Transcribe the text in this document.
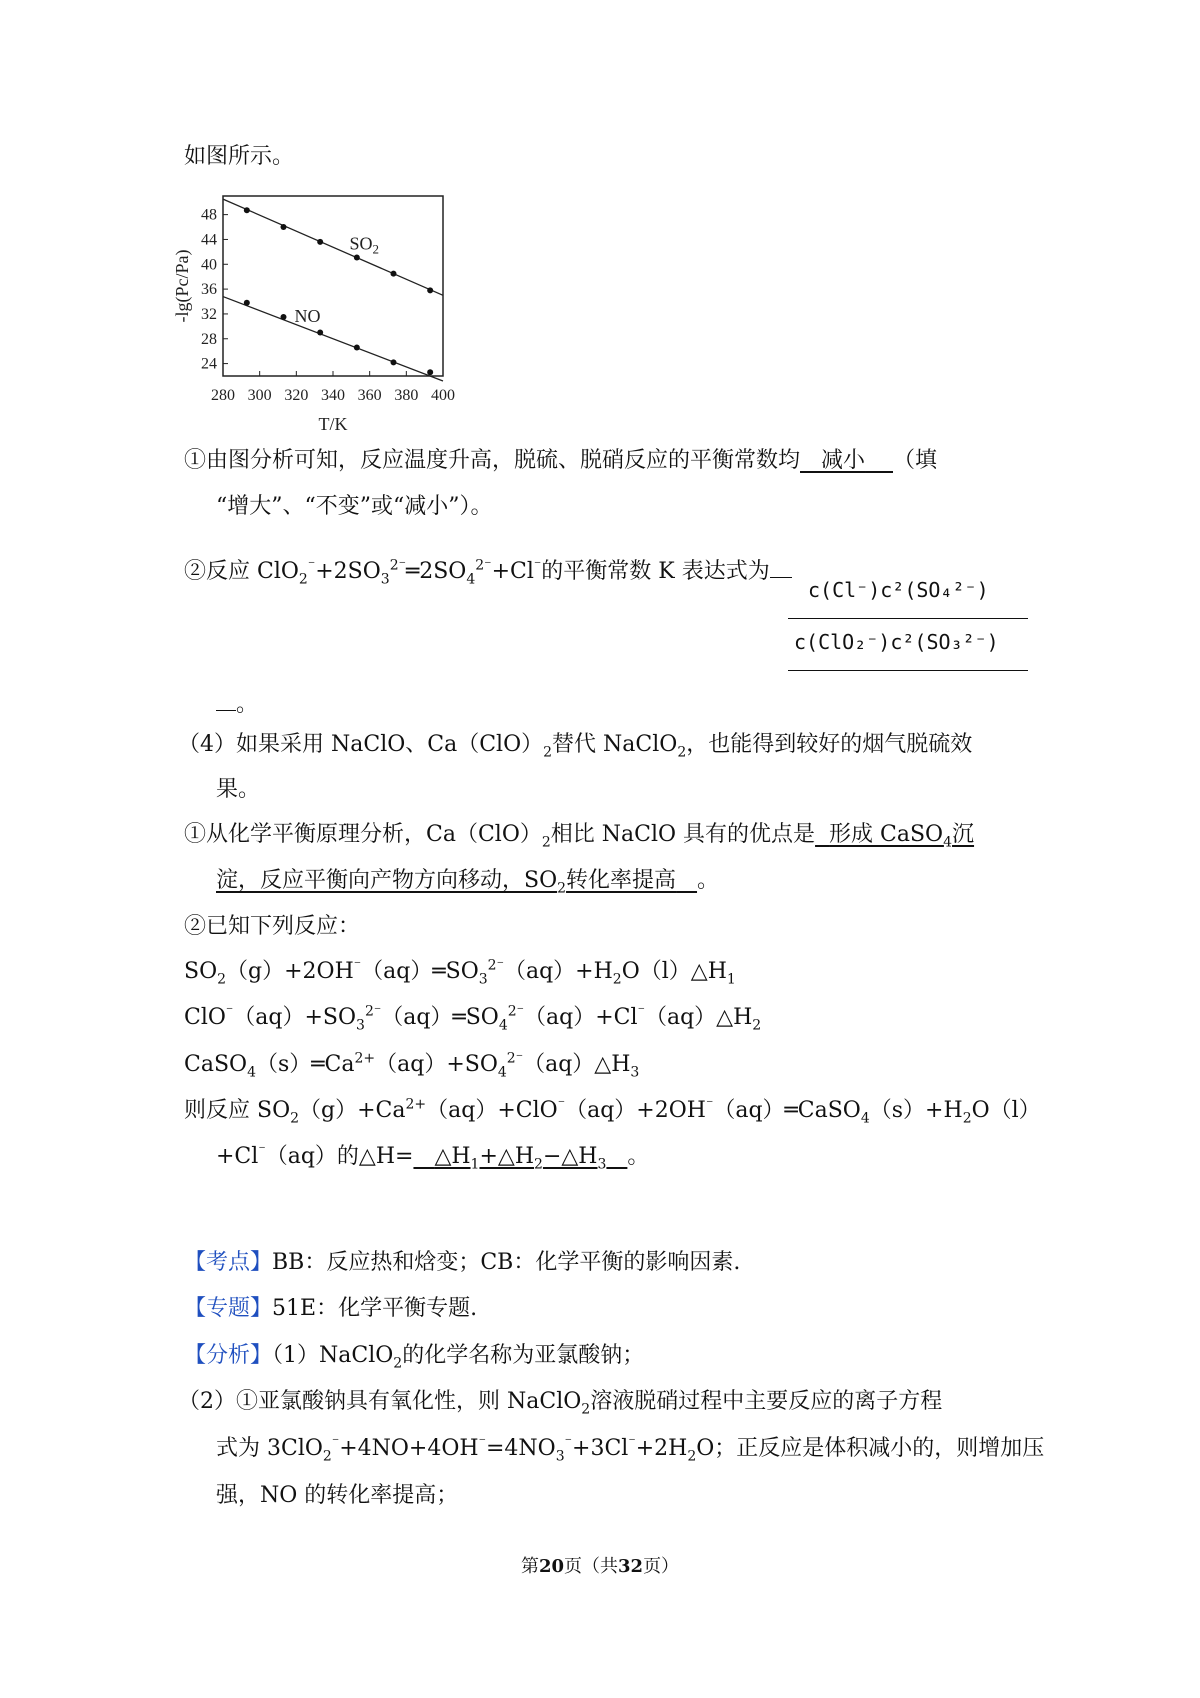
如图所示。
280 300 320 340 360 380 400
48
44
40
36
32
28
24
T/K
-lg(Pc/Pa)
$SO_2$
NO
①由图分析可知，反应温度升高，脱硫、脱硝反应的平衡常数均 减小 （填
“增大”、“不变”或“减小”）。
②反应 $ClO_2^{^-}+2SO_3^{2^-}═2SO_4^{2^-}+Cl^{^-}$的平衡常数 K 表达式为
c(Cl⁻)c²(SO₄²⁻)
c(ClO₂⁻)c²(SO₃²⁻)
。
（4）如果采用 NaClO、$Ca(ClO)_2$替代 NaClO$_2$，也能得到较好的烟气脱硫效
果。
①从化学平衡原理分析，$Ca(ClO)_2$相比 NaClO 具有的优点是 形成 CaSO$_4$沉
淀，反应平衡向产物方向移动，$SO_2$转化率提高 。
②已知下列反应：
$SO_2(g)+2OH^{^-}(aq)═SO_3^{2^-}(aq)+H_2O(l)\triangle H_1$
$ClO^{^-}(aq)+SO_3^{2^-}(aq)═SO_4^{2^-}(aq)+Cl^{^-}(aq)\triangle H_2$
$CaSO_4(s)═Ca^{2+}(aq)+SO_4^{2^-}(aq)\triangle H_3$
则反应 $SO_2(g)+Ca^{2+}(aq)+ClO^{^-}(aq)+2OH^{^-}(aq)═CaSO_4(s)+H_2O(l)$
+Cl⁻（aq）的△H= $\triangle H_1+\triangle H_2-\triangle H_3$ 。
【考点】BB：反应热和焓变；CB：化学平衡的影响因素.
【专题】51E：化学平衡专题.
【分析】（1）NaClO$_2$的化学名称为亚氯酸钠；
（2）①亚氯酸钠具有氧化性，则 NaClO$_2$溶液脱硝过程中主要反应的离子方程
式为 $3ClO_2^{^-}+4NO+4OH^{^-}=4NO_3^{^-}+3Cl^{^-}+2H_2O$；正反应是体积减小的，则增加压
强，NO 的转化率提高；
第20页（共32页）
